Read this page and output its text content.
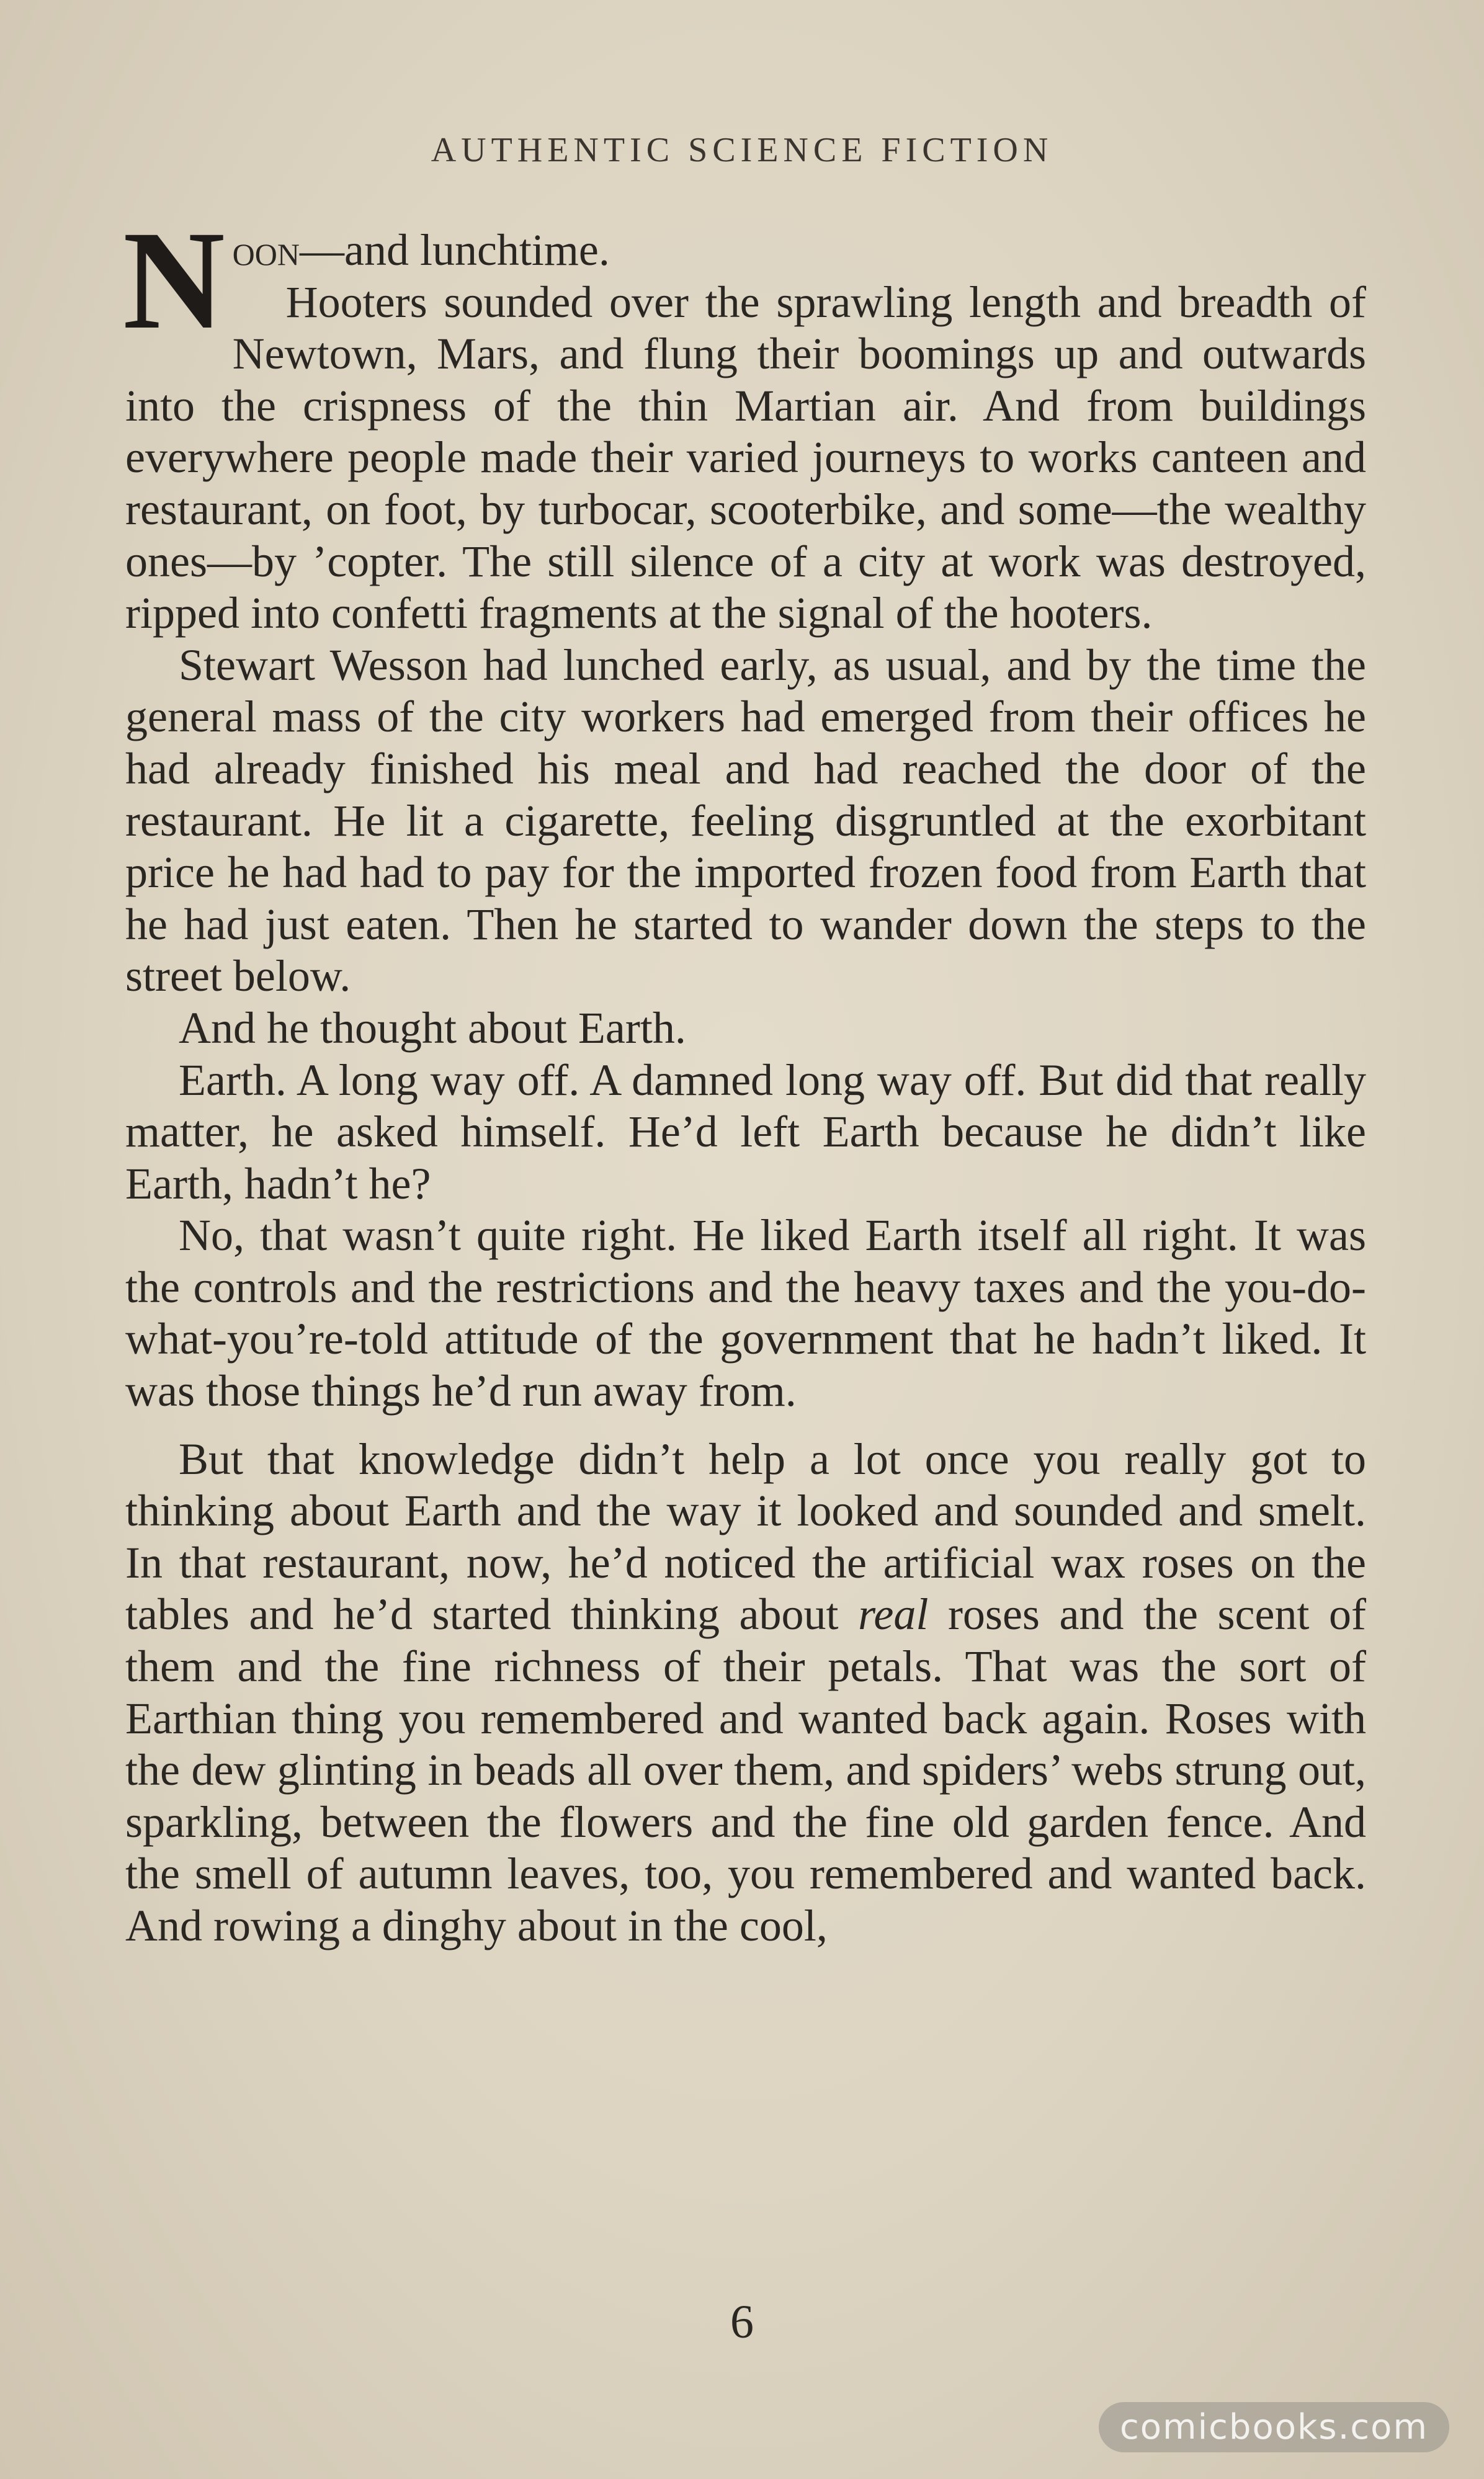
AUTHENTIC SCIENCE FICTION

Noon—and lunchtime.

Hooters sounded over the sprawling length and breadth of Newtown, Mars, and flung their boomings up and outwards into the crispness of the thin Martian air. And from buildings everywhere people made their varied journeys to works canteen and restaurant, on foot, by turbocar, scooterbike, and some—the wealthy ones—by ’copter. The still silence of a city at work was destroyed, ripped into confetti fragments at the signal of the hooters.

Stewart Wesson had lunched early, as usual, and by the time the general mass of the city workers had emerged from their offices he had already finished his meal and had reached the door of the restaurant. He lit a cigarette, feeling disgruntled at the exorbitant price he had had to pay for the imported frozen food from Earth that he had just eaten. Then he started to wander down the steps to the street below.

And he thought about Earth.

Earth. A long way off. A damned long way off. But did that really matter, he asked himself. He’d left Earth because he didn’t like Earth, hadn’t he?

No, that wasn’t quite right. He liked Earth itself all right. It was the controls and the restrictions and the heavy taxes and the you-do-what-you’re-told attitude of the government that he hadn’t liked. It was those things he’d run away from.

But that knowledge didn’t help a lot once you really got to thinking about Earth and the way it looked and sounded and smelt. In that restaurant, now, he’d noticed the artificial wax roses on the tables and he’d started thinking about real roses and the scent of them and the fine richness of their petals. That was the sort of Earthian thing you remembered and wanted back again. Roses with the dew glinting in beads all over them, and spiders’ webs strung out, sparkling, between the flowers and the fine old garden fence. And the smell of autumn leaves, too, you remembered and wanted back. And rowing a dinghy about in the cool,

6
comicbooks.com
